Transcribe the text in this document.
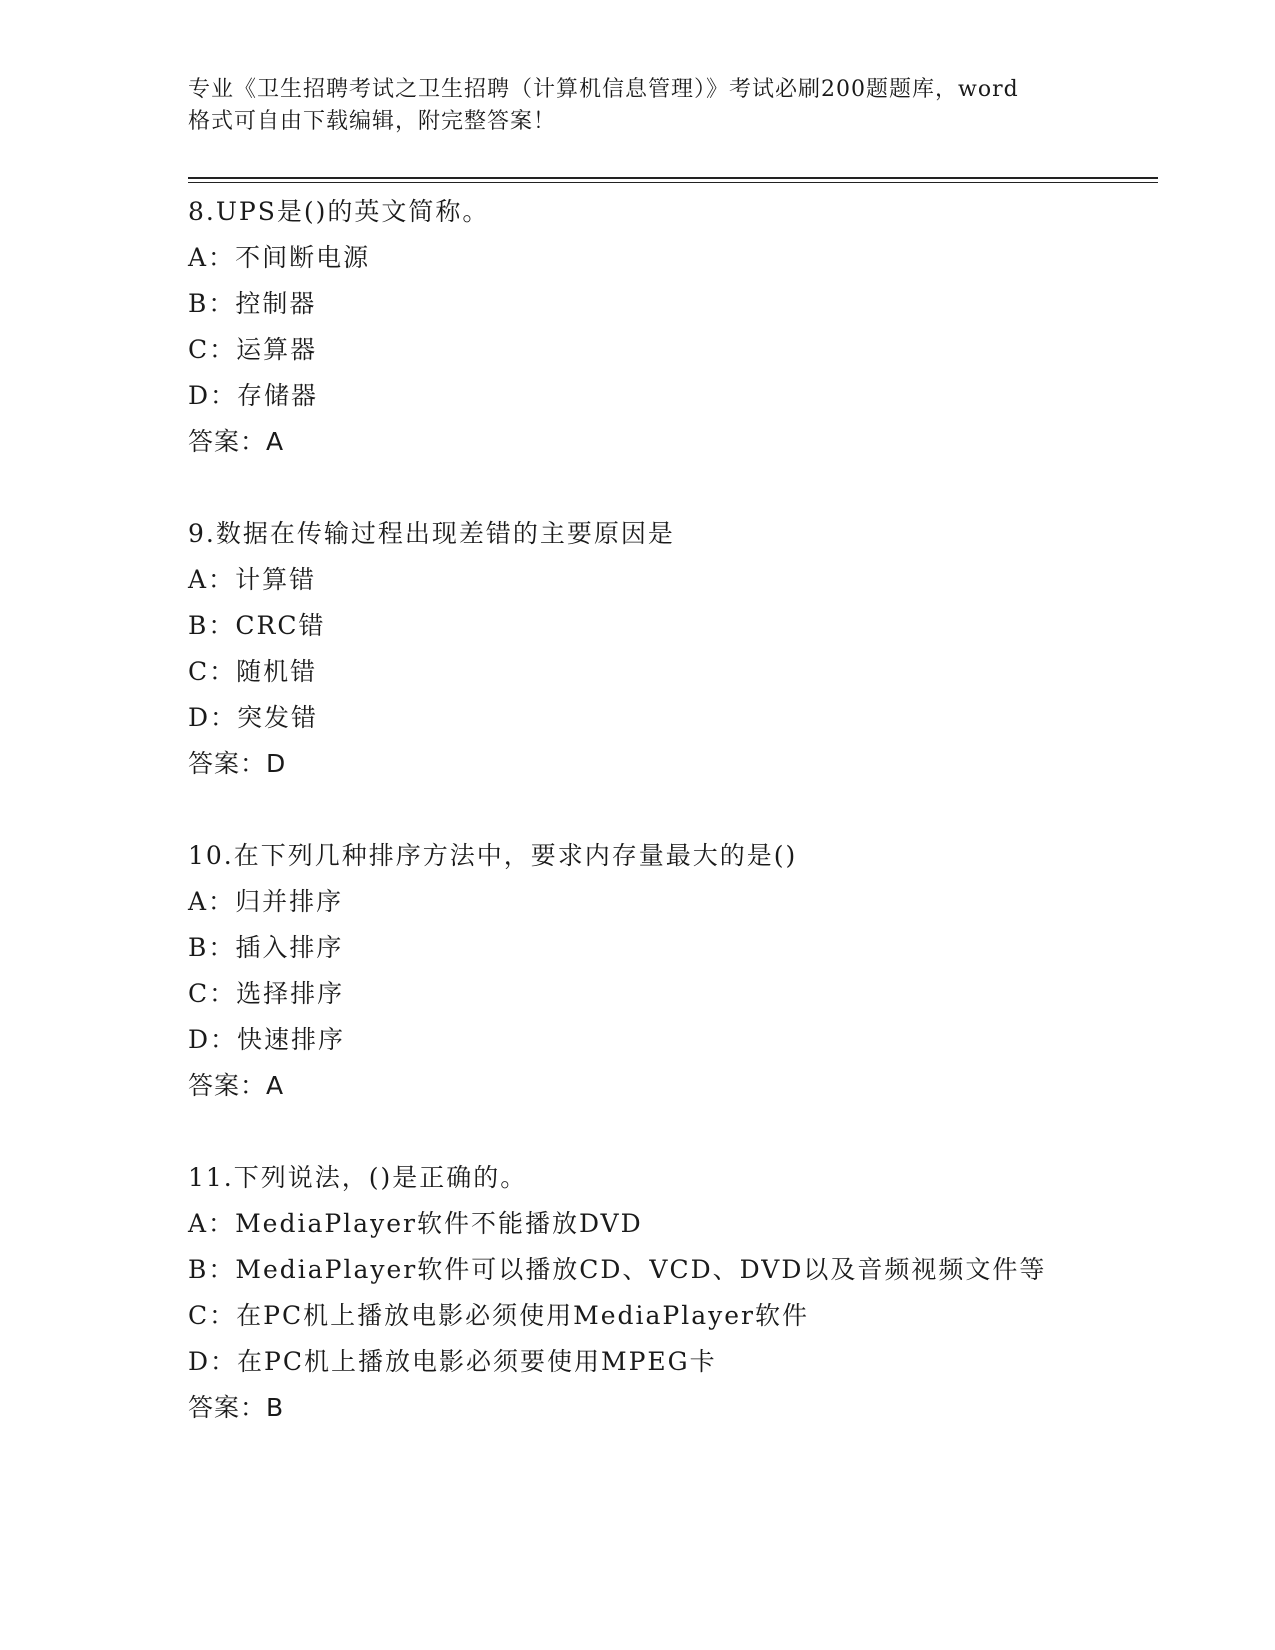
专业《卫生招聘考试之卫生招聘（计算机信息管理）》考试必刷200题题库，word
格式可自由下载编辑，附完整答案！
8.UPS是()的英文简称。
A：不间断电源
B：控制器
C：运算器
D：存储器
答案：A
9.数据在传输过程出现差错的主要原因是
A：计算错
B：CRC错
C：随机错
D：突发错
答案：D
10.在下列几种排序方法中，要求内存量最大的是()
A：归并排序
B：插入排序
C：选择排序
D：快速排序
答案：A
11.下列说法，()是正确的。
A：MediaPlayer软件不能播放DVD
B：MediaPlayer软件可以播放CD、VCD、DVD以及音频视频文件等
C：在PC机上播放电影必须使用MediaPlayer软件
D：在PC机上播放电影必须要使用MPEG卡
答案：B
